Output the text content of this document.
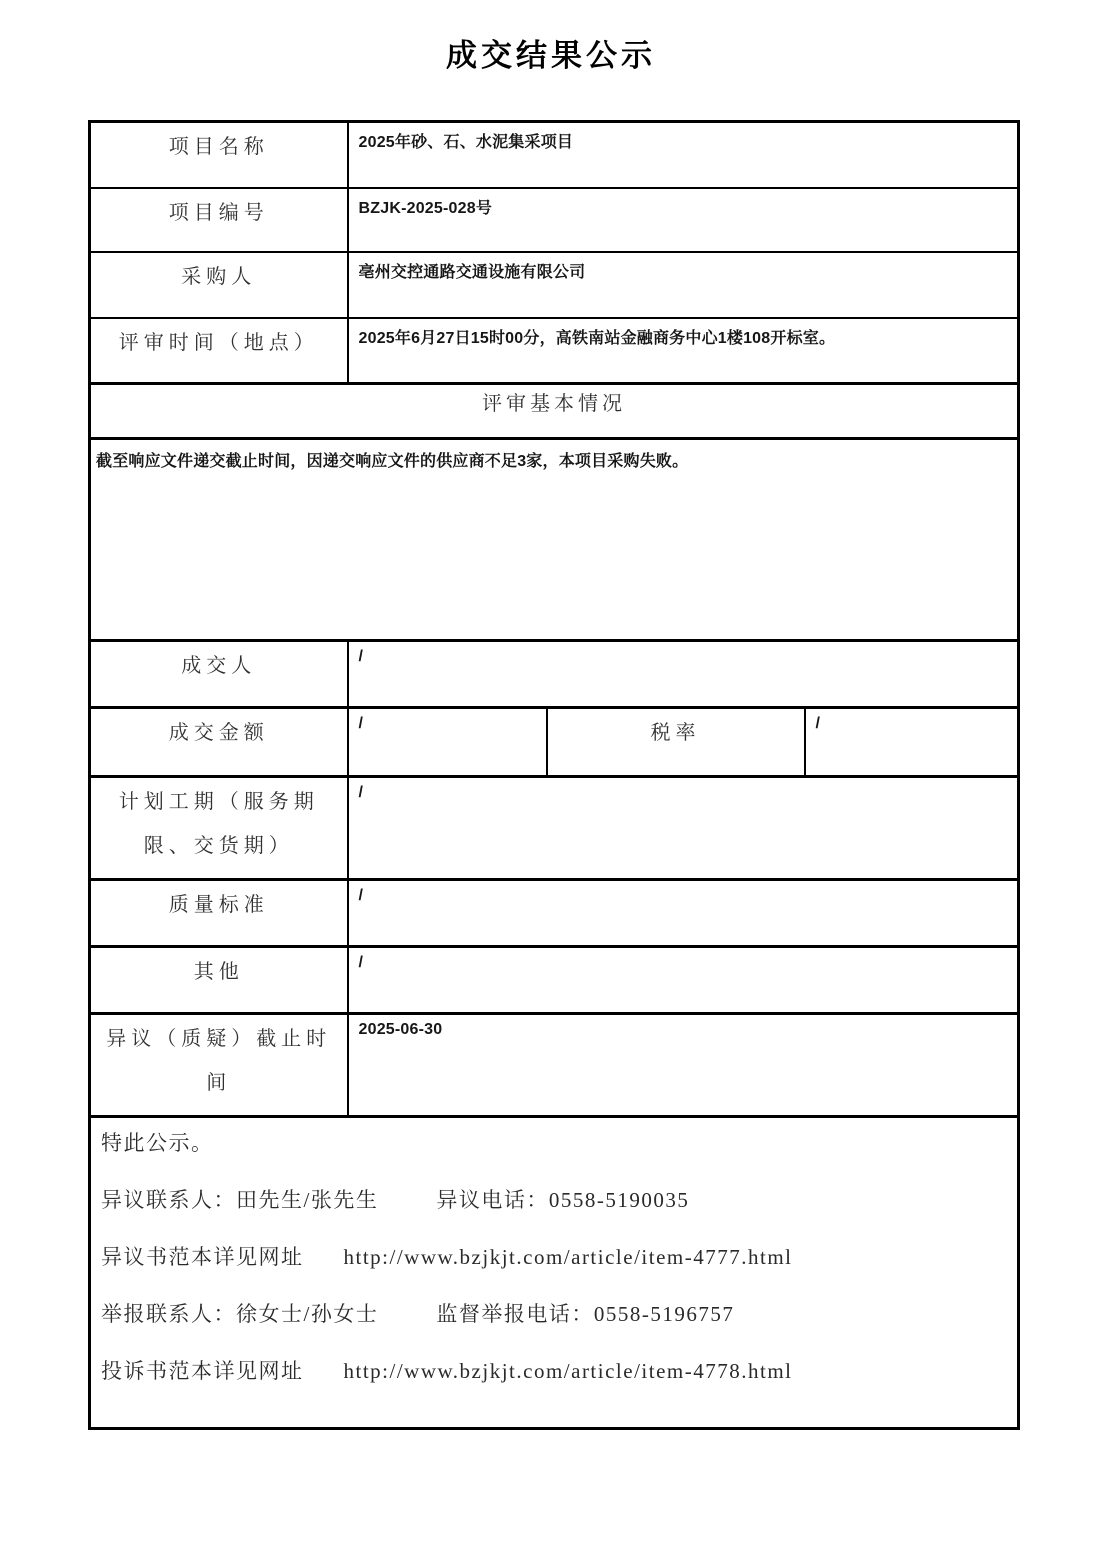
成交结果公示
项目名称	2025年砂、石、水泥集采项目		
项目编号	BZJK-2025-028号		
采购人	亳州交控通路交通设施有限公司		
评审时间（地点）	2025年6月27日15时00分，高铁南站金融商务中心1楼108开标室。		
评审基本情况			
截至响应文件递交截止时间，因递交响应文件的供应商不足3家，本项目采购失败。			
成交人	/		
成交金额	/	税率	/
计划工期（服务期限、交货期）	/		
质量标准	/		
其他	/		
异议（质疑）截止时间	2025-06-30		

特此公示。

异议联系人：田先生/张先生 异议电话：0558-5190035

异议书范本详见网址 http://www.bzjkjt.com/article/item-4777.html

举报联系人：徐女士/孙女士 监督举报电话：0558-5196757

投诉书范本详见网址 http://www.bzjkjt.com/article/item-4778.html			
